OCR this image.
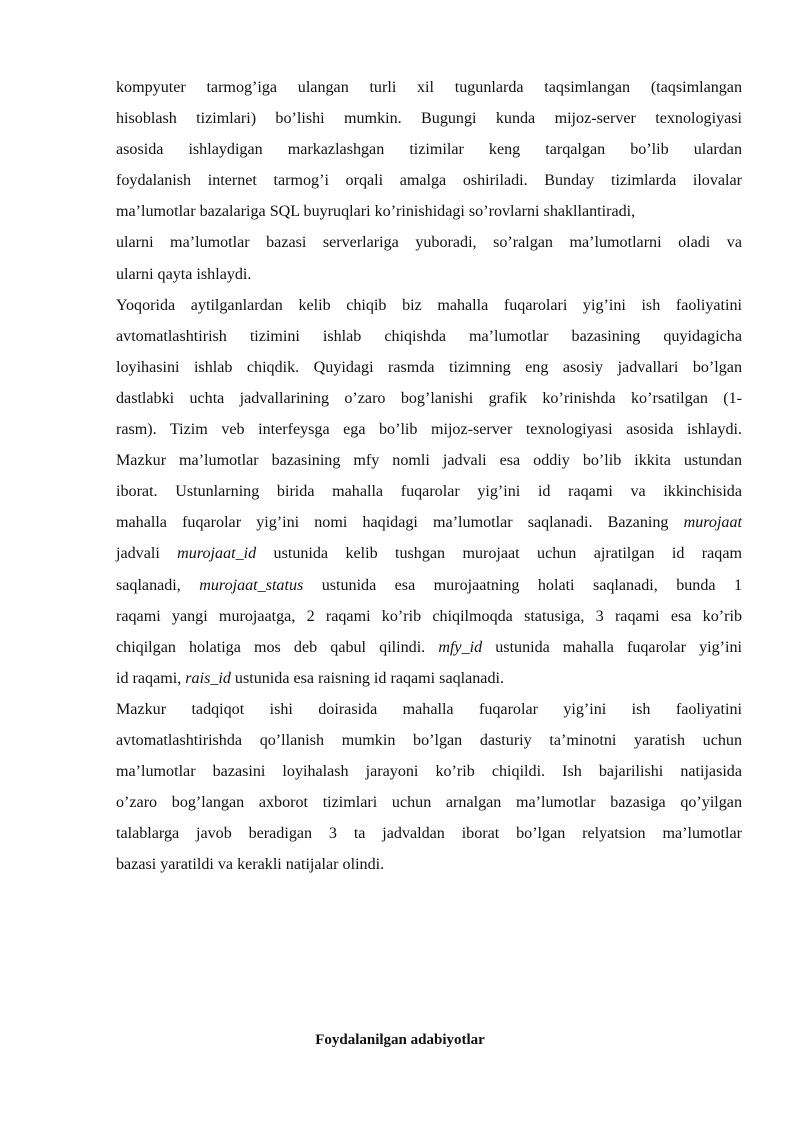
kompyuter tarmog’iga ulangan turli xil tugunlarda taqsimlangan (taqsimlangan
hisoblash tizimlari) bo’lishi mumkin. Bugungi kunda mijoz-server texnologiyasi
asosida ishlaydigan markazlashgan tizimilar keng tarqalgan bo’lib ulardan
foydalanish internet tarmog’i orqali amalga oshiriladi. Bunday tizimlarda ilovalar
ma’lumotlar bazalariga SQL buyruqlari ko’rinishidagi so’rovlarni shakllantiradi,
ularni ma’lumotlar bazasi serverlariga yuboradi, so’ralgan ma’lumotlarni oladi va
ularni qayta ishlaydi.
Yoqorida aytilganlardan kelib chiqib biz mahalla fuqarolari yig’ini ish faoliyatini
avtomatlashtirish tizimini ishlab chiqishda ma’lumotlar bazasining quyidagicha
loyihasini ishlab chiqdik. Quyidagi rasmda tizimning eng asosiy jadvallari bo’lgan
dastlabki uchta jadvallarining o’zaro bog’lanishi grafik ko’rinishda ko’rsatilgan (1-
rasm). Tizim veb interfeysga ega bo’lib mijoz-server texnologiyasi asosida ishlaydi.
Mazkur ma’lumotlar bazasining mfy nomli jadvali esa oddiy bo’lib ikkita ustundan
iborat. Ustunlarning birida mahalla fuqarolar yig’ini id raqami va ikkinchisida
mahalla fuqarolar yig’ini nomi haqidagi ma’lumotlar saqlanadi. Bazaning murojaat
jadvali murojaat_id ustunida kelib tushgan murojaat uchun ajratilgan id raqam
saqlanadi, murojaat_status ustunida esa murojaatning holati saqlanadi, bunda 1
raqami yangi murojaatga, 2 raqami ko’rib chiqilmoqda statusiga, 3 raqami esa ko’rib
chiqilgan holatiga mos deb qabul qilindi. mfy_id ustunida mahalla fuqarolar yig’ini
id raqami, rais_id ustunida esa raisning id raqami saqlanadi.
Mazkur tadqiqot ishi doirasida mahalla fuqarolar yig’ini ish faoliyatini
avtomatlashtirishda qo’llanish mumkin bo’lgan dasturiy ta’minotni yaratish uchun
ma’lumotlar bazasini loyihalash jarayoni ko’rib chiqildi. Ish bajarilishi natijasida
o’zaro bog’langan axborot tizimlari uchun arnalgan ma’lumotlar bazasiga qo’yilgan
talablarga javob beradigan 3 ta jadvaldan iborat bo’lgan relyatsion ma’lumotlar
bazasi yaratildi va kerakli natijalar olindi.
Foydalanilgan adabiyotlar
